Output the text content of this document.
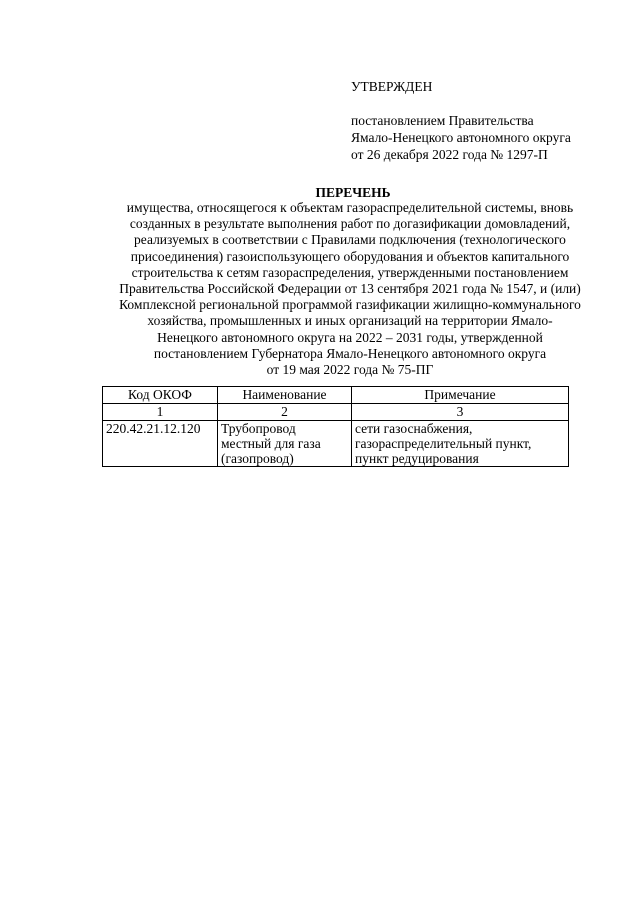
УТВЕРЖДЕН
постановлением Правительства
Ямало-Ненецкого автономного округа
от 26 декабря 2022 года № 1297-П
ПЕРЕЧЕНЬ
имущества, относящегося к объектам газораспределительной системы, вновь
созданных в результате выполнения работ по догазификации домовладений,
реализуемых в соответствии с Правилами подключения (технологического
присоединения) газоиспользующего оборудования и объектов капитального
строительства к сетям газораспределения, утвержденными постановлением
Правительства Российской Федерации от 13 сентября 2021 года № 1547, и (или)
Комплексной региональной программой газификации жилищно-коммунального
хозяйства, промышленных и иных организаций на территории Ямало-
Ненецкого автономного округа на 2022 – 2031 годы, утвержденной
постановлением Губернатора Ямало-Ненецкого автономного округа
от 19 мая 2022 года № 75-ПГ
Код ОКОФ	Наименование	Примечание
1	2	3

220.42.21.12.120	Трубопровод
местный для газа
(газопровод)	сети газоснабжения,
газораспределительный пункт,
пункт редуцирования
